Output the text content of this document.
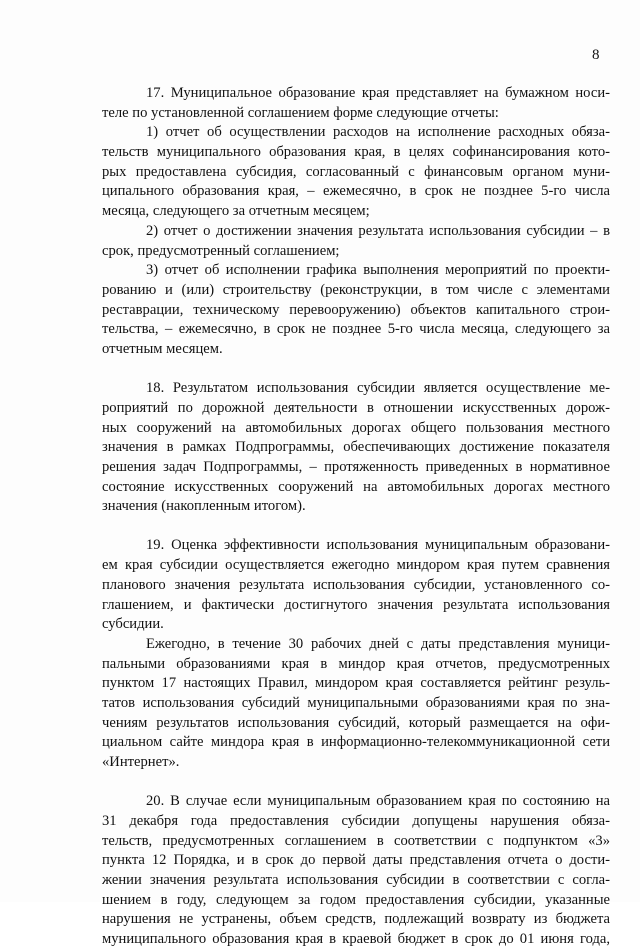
8
17. Муниципальное образование края представляет на бумажном носи-
теле по установленной соглашением форме следующие отчеты:
1) отчет об осуществлении расходов на исполнение расходных обяза-
тельств муниципального образования края, в целях софинансирования кото-
рых предоставлена субсидия, согласованный с финансовым органом муни-
ципального образования края, – ежемесячно, в срок не позднее 5-го числа
месяца, следующего за отчетным месяцем;
2) отчет о достижении значения результата использования субсидии – в
срок, предусмотренный соглашением;
3) отчет об исполнении графика выполнения мероприятий по проекти-
рованию и (или) строительству (реконструкции, в том числе с элементами
реставрации, техническому перевооружению) объектов капитального строи-
тельства, – ежемесячно, в срок не позднее 5-го числа месяца, следующего за
отчетным месяцем.
18. Результатом использования субсидии является осуществление ме-
роприятий по дорожной деятельности в отношении искусственных дорож-
ных сооружений на автомобильных дорогах общего пользования местного
значения в рамках Подпрограммы, обеспечивающих достижение показателя
решения задач Подпрограммы, – протяженность приведенных в нормативное
состояние искусственных сооружений на автомобильных дорогах местного
значения (накопленным итогом).
19. Оценка эффективности использования муниципальным образовани-
ем края субсидии осуществляется ежегодно миндором края путем сравнения
планового значения результата использования субсидии, установленного со-
глашением, и фактически достигнутого значения результата использования
субсидии.
Ежегодно, в течение 30 рабочих дней с даты представления муници-
пальными образованиями края в миндор края отчетов, предусмотренных
пунктом 17 настоящих Правил, миндором края составляется рейтинг резуль-
татов использования субсидий муниципальными образованиями края по зна-
чениям результатов использования субсидий, который размещается на офи-
циальном сайте миндора края в информационно-телекоммуникационной сети
«Интернет».
20. В случае если муниципальным образованием края по состоянию на
31 декабря года предоставления субсидии допущены нарушения обяза-
тельств, предусмотренных соглашением в соответствии с подпунктом «3»
пункта 12 Порядка, и в срок до первой даты представления отчета о дости-
жении значения результата использования субсидии в соответствии с согла-
шением в году, следующем за годом предоставления субсидии, указанные
нарушения не устранены, объем средств, подлежащий возврату из бюджета
муниципального образования края в краевой бюджет в срок до 01 июня года,
